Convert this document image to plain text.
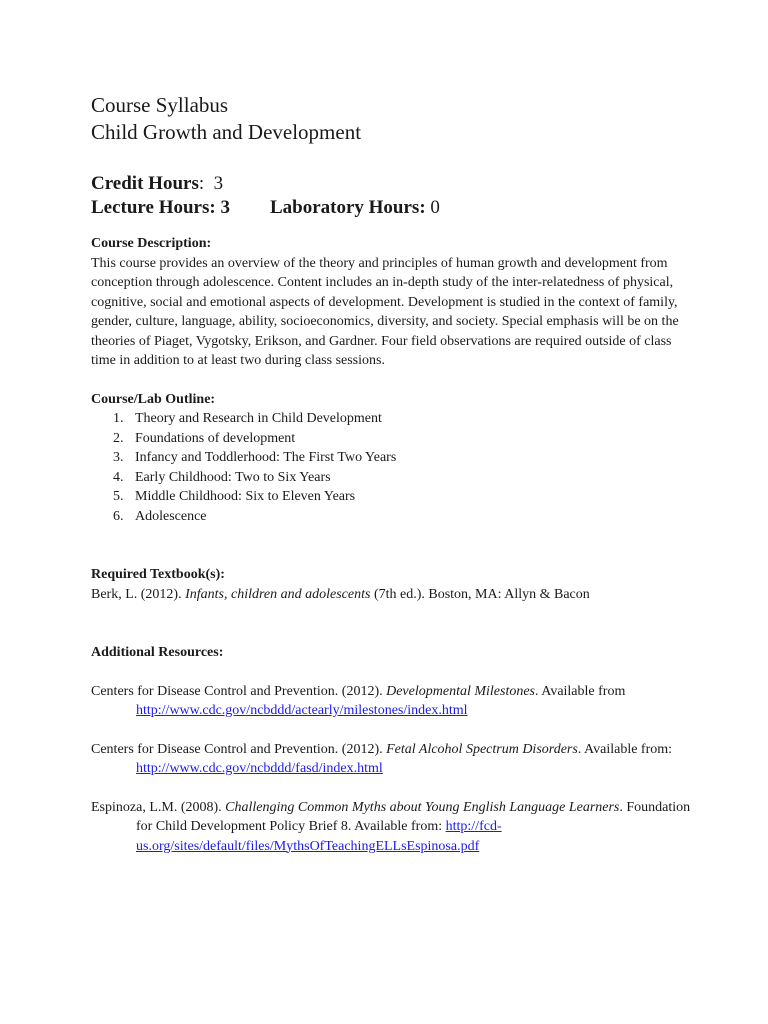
Course Syllabus
Child Growth and Development
Credit Hours:  3
Lecture Hours: 3 Laboratory Hours: 0

Course Description:

This course provides an overview of the theory and principles of human growth and development from conception through adolescence. Content includes an in-depth study of the inter-relatedness of physical, cognitive, social and emotional aspects of development. Development is studied in the context of family, gender, culture, language, ability, socioeconomics, diversity, and society. Special emphasis will be on the theories of Piaget, Vygotsky, Erikson, and Gardner. Four field observations are required outside of class time in addition to at least two during class sessions.

Course/Lab Outline:

1. Theory and Research in Child Development
2. Foundations of development
3. Infancy and Toddlerhood: The First Two Years
4. Early Childhood: Two to Six Years
5. Middle Childhood: Six to Eleven Years
6. Adolescence

Required Textbook(s):

Berk, L. (2012). Infants, children and adolescents (7th ed.). Boston, MA: Allyn & Bacon

Additional Resources:

Centers for Disease Control and Prevention. (2012). Developmental Milestones. Available from
http://www.cdc.gov/ncbddd/actearly/milestones/index.html

Centers for Disease Control and Prevention. (2012). Fetal Alcohol Spectrum Disorders. Available from: http://www.cdc.gov/ncbddd/fasd/index.html

Espinoza, L.M. (2008). Challenging Common Myths about Young English Language Learners. Foundation for Child Development Policy Brief 8. Available from: http://fcd-us.org/sites/default/files/MythsOfTeachingELLsEspinosa.pdf
